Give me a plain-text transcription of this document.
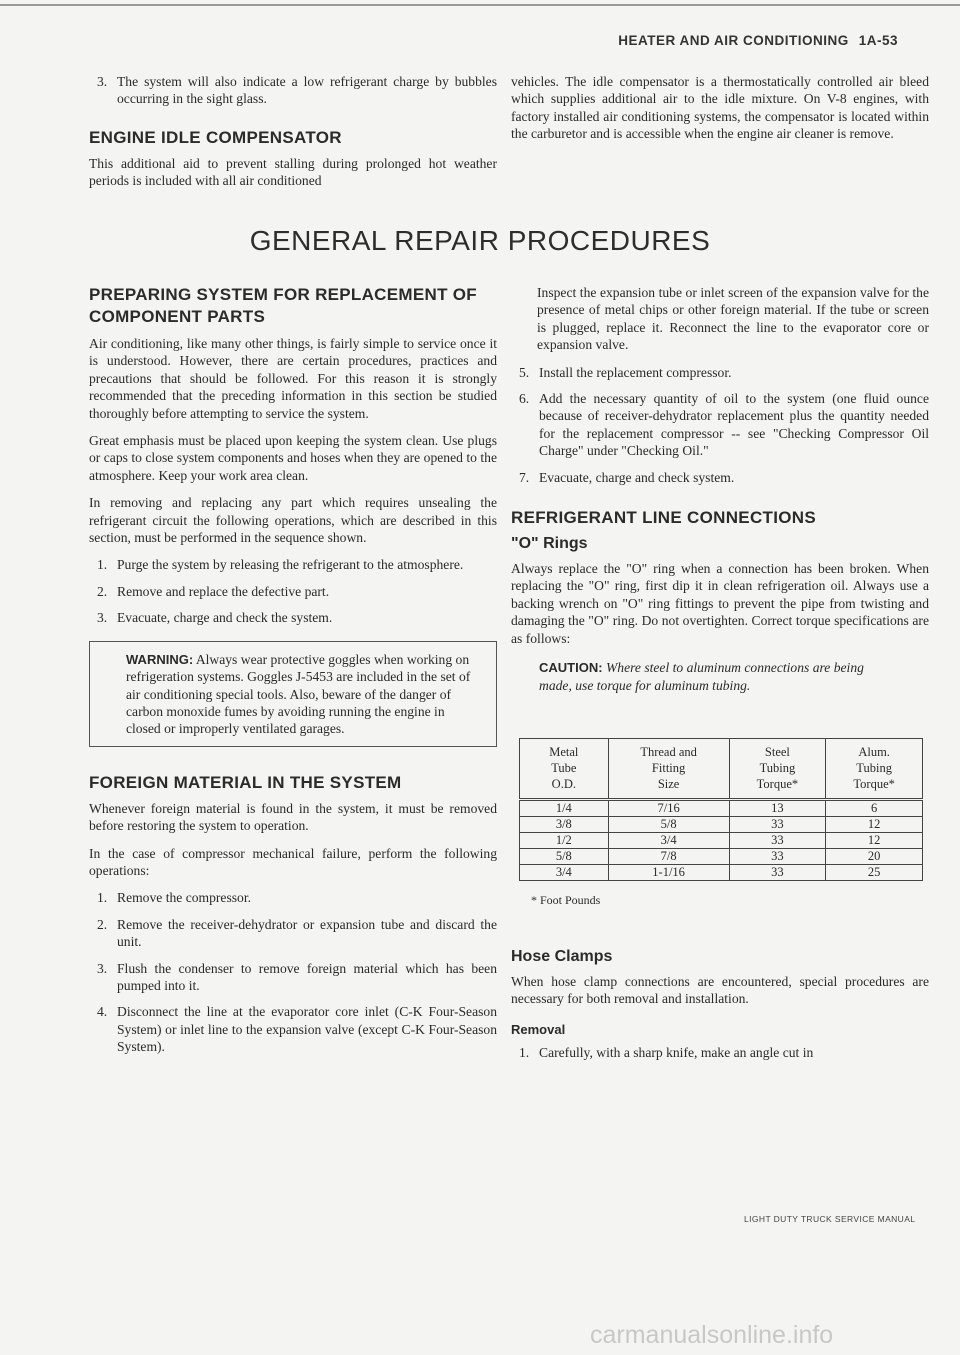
HEATER AND AIR CONDITIONING 1A-53
3. The system will also indicate a low refrigerant charge by bubbles occurring in the sight glass.
ENGINE IDLE COMPENSATOR

This additional aid to prevent stalling during prolonged hot weather periods is included with all air conditioned

vehicles. The idle compensator is a thermostatically controlled air bleed which supplies additional air to the idle mixture. On V-8 engines, with factory installed air conditioning systems, the compensator is located within the carburetor and is accessible when the engine air cleaner is remove.

GENERAL REPAIR PROCEDURES
PREPARING SYSTEM FOR REPLACEMENT OF COMPONENT PARTS

Air conditioning, like many other things, is fairly simple to service once it is understood. However, there are certain procedures, practices and precautions that should be followed. For this reason it is strongly recommended that the preceding information in this section be studied thoroughly before attempting to service the system.

Great emphasis must be placed upon keeping the system clean. Use plugs or caps to close system components and hoses when they are opened to the atmosphere. Keep your work area clean.

In removing and replacing any part which requires unsealing the refrigerant circuit the following operations, which are described in this section, must be performed in the sequence shown.

1. Purge the system by releasing the refrigerant to the atmosphere.
2. Remove and replace the defective part.
3. Evacuate, charge and check the system.
WARNING: Always wear protective goggles when working on refrigeration systems. Goggles J-5453 are included in the set of air conditioning special tools. Also, beware of the danger of carbon monoxide fumes by avoiding running the engine in closed or improperly ventilated garages.
FOREIGN MATERIAL IN THE SYSTEM

Whenever foreign material is found in the system, it must be removed before restoring the system to operation.

In the case of compressor mechanical failure, perform the following operations:

1. Remove the compressor.
2. Remove the receiver-dehydrator or expansion tube and discard the unit.
3. Flush the condenser to remove foreign material which has been pumped into it.
4. Disconnect the line at the evaporator core inlet (C-K Four-Season System) or inlet line to the expansion valve (except C-K Four-Season System).

Inspect the expansion tube or inlet screen of the expansion valve for the presence of metal chips or other foreign material. If the tube or screen is plugged, replace it. Reconnect the line to the evaporator core or expansion valve.

5. Install the replacement compressor.
6. Add the necessary quantity of oil to the system (one fluid ounce because of receiver-dehydrator replacement plus the quantity needed for the replacement compressor -- see "Checking Compressor Oil Charge" under "Checking Oil."
7. Evacuate, charge and check system.
REFRIGERANT LINE CONNECTIONS
"O" Rings

Always replace the "O" ring when a connection has been broken. When replacing the "O" ring, first dip it in clean refrigeration oil. Always use a backing wrench on "O" ring fittings to prevent the pipe from twisting and damaging the "O" ring. Do not overtighten. Correct torque specifications are as follows:

CAUTION: Where steel to aluminum connections are being made, use torque for aluminum tubing.
Metal
Tube
O.D.	Thread and
Fitting
Size	Steel
Tubing
Torque*	Alum.
Tubing
Torque*
1/4	7/16	13	6
3/8	5/8	33	12
1/2	3/4	33	12
5/8	7/8	33	20
3/4	1-1/16	33	25
* Foot Pounds
Hose Clamps

When hose clamp connections are encountered, special procedures are necessary for both removal and installation.

Removal
1. Carefully, with a sharp knife, make an angle cut in
LIGHT DUTY TRUCK SERVICE MANUAL
carmanualsonline.info
